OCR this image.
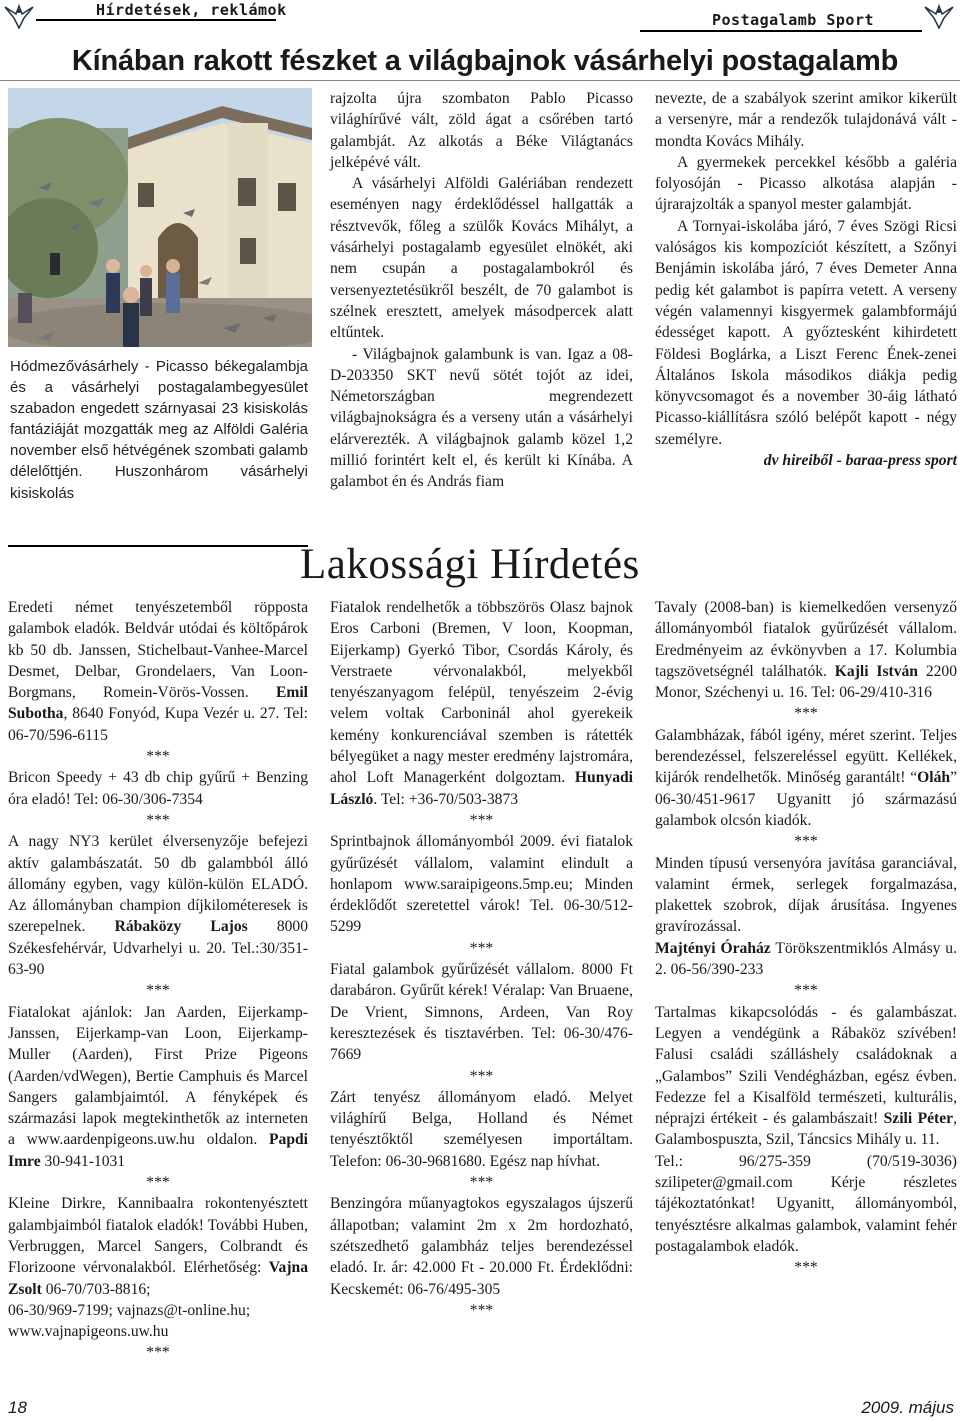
Hírdetések, reklámok
Postagalamb Sport
Kínában rakott fészket a világbajnok vásárhelyi postagalamb
Hódmezővásárhely - Picasso békegalambja és a vásárhelyi postagalambegyesület szabadon engedett szárnyasai 23 kisiskolás fantáziáját mozgatták meg az Alföldi Galéria november első hétvégének szombati galamb délelőttjén. Huszonhárom vásárhelyi kisiskolás

rajzolta újra szombaton Pablo Picasso világhírűvé vált, zöld ágat a csőrében tartó galambját. Az alkotás a Béke Világtanács jelképévé vált.

A vásárhelyi Alföldi Galériában rendezett eseményen nagy érdeklődéssel hallgatták a résztvevők, főleg a szülők Kovács Mihályt, a vásárhelyi postagalamb egyesület elnökét, aki nem csupán a postagalambokról és versenyeztetésükről beszélt, de 70 galambot is szélnek eresztett, amelyek másodpercek alatt eltűntek.

- Világbajnok galambunk is van. Igaz a 08-D-203350 SKT nevű sötét tojót az idei, Németországban megrendezett világbajnokságra és a verseny után a vásárhelyi elárverezték. A világbajnok galamb közel 1,2 millió forintért kelt el, és került ki Kínába. A galambot én és András fiam

nevezte, de a szabályok szerint amikor kikerült a versenyre, már a rendezők tulajdonává vált - mondta Kovács Mihály.

A gyermekek percekkel később a galéria folyosóján - Picasso alkotása alapján - újrarajzolták a spanyol mester galambját.

A Tornyai-iskolába járó, 7 éves Szögi Ricsi valóságos kis kompozíciót készített, a Szőnyi Benjámin iskolába járó, 7 éves Demeter Anna pedig két galambot is papírra vetett. A verseny végén valamennyi kisgyermek galambformájú édességet kapott. A győztesként kihirdetett Földesi Boglárka, a Liszt Ferenc Ének-zenei Általános Iskola másodikos diákja pedig könyvcsomagot és a november 30-áig látható Picasso-kiállításra szóló belépőt kapott - négy személyre.

dv hireiből - baraa-press sport

Lakossági Hírdetés

Eredeti német tenyészetemből röpposta galambok eladók. Beldvár utódai és költőpárok kb 50 db. Janssen, Stichelbaut-Vanhee-Marcel Desmet, Delbar, Grondelaers, Van Loon-Borgmans, Romein-Vörös-Vossen. Emil Subotha, 8640 Fonyód, Kupa Vezér u. 27. Tel: 06-70/596-6115

***

Bricon Speedy + 43 db chip gyűrű + Benzing óra eladó! Tel: 06-30/306-7354

***

A nagy NY3 kerület élversenyzője befejezi aktív galambászatát. 50 db galambból álló állomány egyben, vagy külön-külön ELADÓ. Az állományban champion díjkilométeresek is szerepelnek. Rábaközy Lajos 8000 Székesfehérvár, Udvarhelyi u. 20. Tel.:30/351-63-90

***

Fiatalokat ajánlok: Jan Aarden, Eijerkamp-Janssen, Eijerkamp-van Loon, Eijerkamp-Muller (Aarden), First Prize Pigeons (Aarden/vdWegen), Bertie Camphuis és Marcel Sangers galambjaimtól. A fényképek és származási lapok megtekinthetők az interneten a www.aardenpigeons.uw.hu oldalon. Papdi Imre 30-941-1031

***

Kleine Dirkre, Kannibaalra rokontenyésztett galambjaimból fiatalok eladók! További Huben, Verbruggen, Marcel Sangers, Colbrandt és Florizoone vérvonalakból. Elérhetőség: Vajna Zsolt 06-70/703-8816;

06-30/969-7199; vajnazs@t-online.hu;

www.vajnapigeons.uw.hu

***

Fiatalok rendelhetők a többszörös Olasz bajnok Eros Carboni (Bremen, V loon, Koopman, Eijerkamp) Gyerkó Tibor, Csordás Károly, és Verstraete vérvonalakból, melyekből tenyészanyagom felépül, tenyészeim 2-évig velem voltak Carboninál ahol gyerekeik kemény konkurenciával szemben is rátették bélyegüket a nagy mester eredmény lajstromára, ahol Loft Managerként dolgoztam. Hunyadi László. Tel: +36-70/503-3873

***

Sprintbajnok állományomból 2009. évi fiatalok gyűrűzését vállalom, valamint elindult a honlapom www.saraipigeons.5mp.eu; Minden érdeklődőt szeretettel várok! Tel. 06-30/512-5299

***

Fiatal galambok gyűrűzését vállalom. 8000 Ft darabáron. Gyűrűt kérek! Véralap: Van Bruaene, De Vrient, Simnons, Ardeen, Van Roy keresztezések és tisztavérben. Tel: 06-30/476-7669

***

Zárt tenyész állományom eladó. Melyet világhírű Belga, Holland és Német tenyésztőktől személyesen importáltam. Telefon: 06-30-9681680. Egész nap hívhat.

***

Benzingóra műanyagtokos egyszalagos újszerű állapotban; valamint 2m x 2m hordozható, szétszedhető galambház teljes berendezéssel eladó. Ir. ár: 42.000 Ft - 20.000 Ft. Érdeklődni: Kecskemét: 06-76/495-305

***

Tavaly (2008-ban) is kiemelkedően versenyző állományomból fiatalok gyűrűzését vállalom. Eredményeim az évkönyvben a 17. Kolumbia tagszövetségnél találhatók. Kajli István 2200 Monor, Széchenyi u. 16. Tel: 06-29/410-316

***

Galambházak, fából igény, méret szerint. Teljes berendezéssel, felszereléssel együtt. Kellékek, kijárók rendelhetők. Minőség garantált! “Oláh” 06-30/451-9617 Ugyanitt jó származású galambok olcsón kiadók.

***

Minden típusú versenyóra javítása garanciával, valamint érmek, serlegek forgalmazása, plakettek szobrok, díjak árusítása. Ingyenes gravírozással.

Majtényi Óraház Törökszentmiklós Almásy u. 2. 06-56/390-233

***

Tartalmas kikapcsolódás - és galambászat. Legyen a vendégünk a Rábaköz szívében! Falusi családi szálláshely családoknak a „Galambos” Szili Vendégházban, egész évben. Fedezze fel a Kisalföld természeti, kulturális, néprajzi értékeit - és galambászait! Szili Péter, Galambospuszta, Szil, Táncsics Mihály u. 11.

Tel.: 96/275-359 (70/519-3036) szilipeter@gmail.com Kérje részletes tájékoztatónkat! Ugyanitt, állományomból, tenyésztésre alkalmas galambok, valamint fehér postagalambok eladók.

***

18	2009. május
